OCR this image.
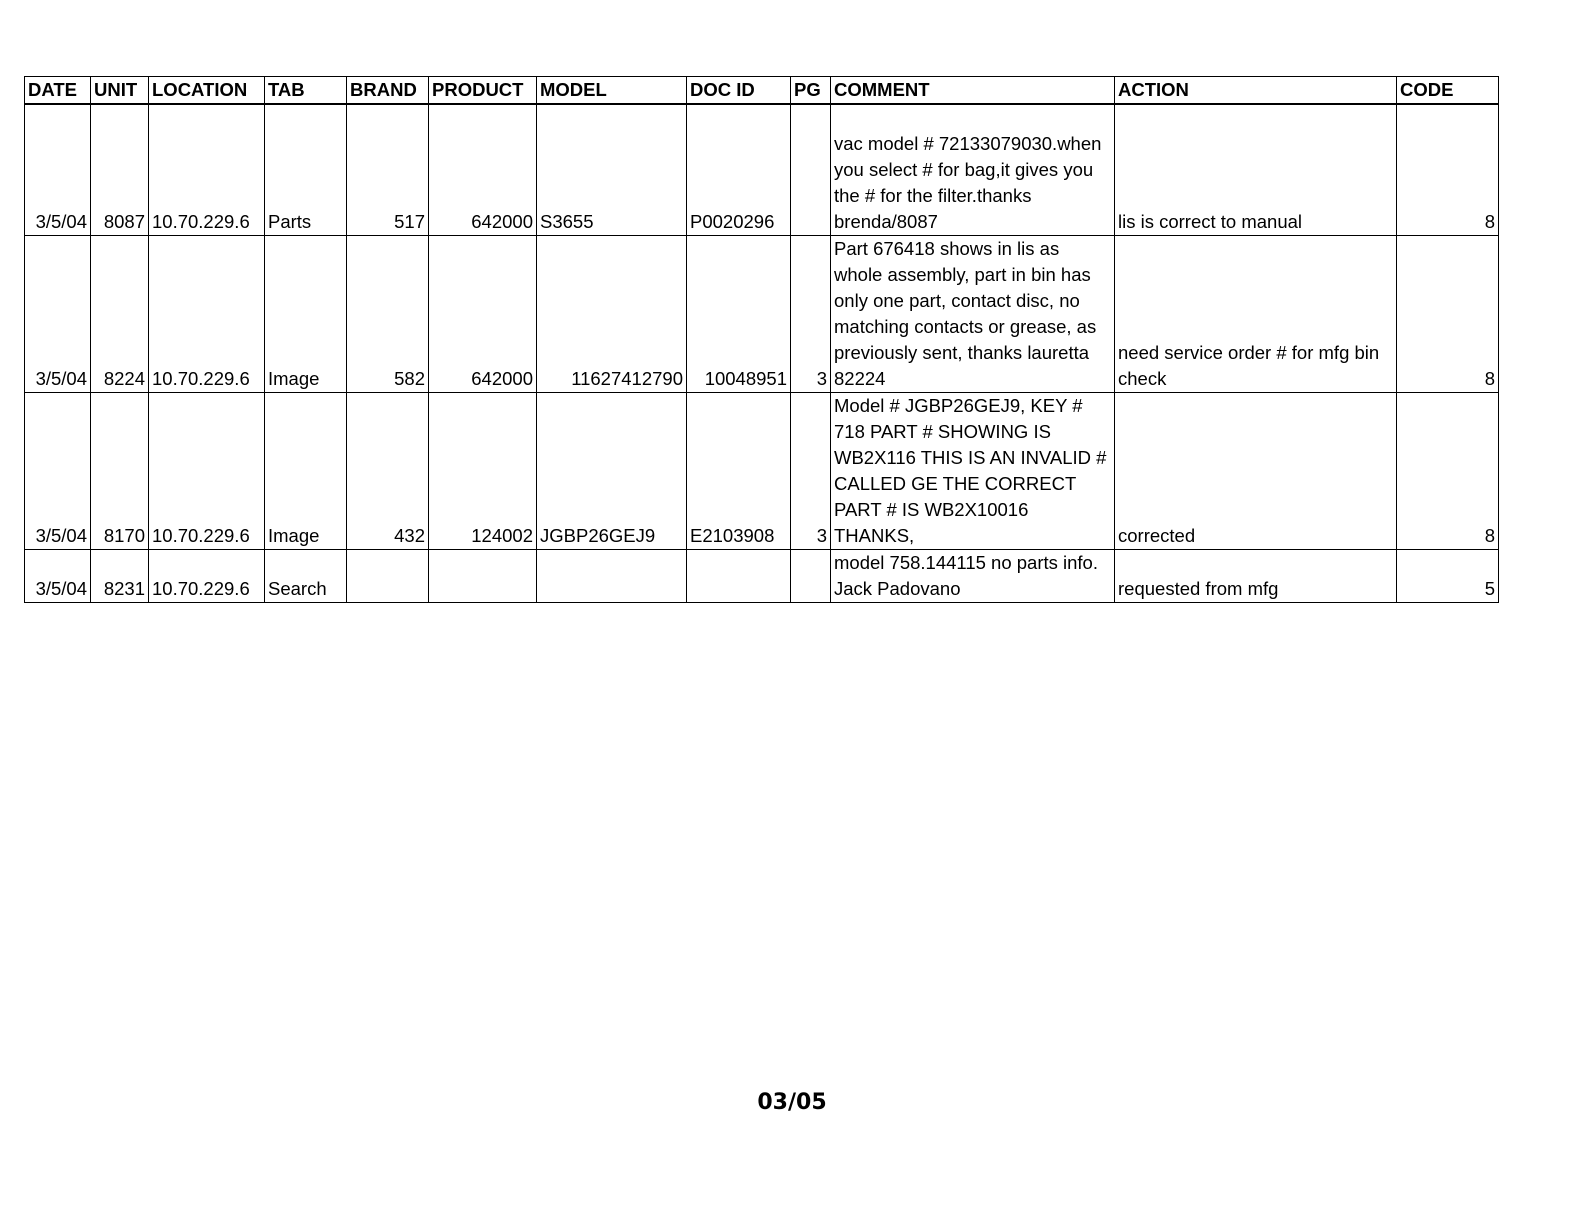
DATE	UNIT	LOCATION	TAB	BRAND	PRODUCT	MODEL	DOC ID	PG	COMMENT	ACTION	CODE
3/5/04	8087	10.70.229.6	Parts	517	642000	S3655	P0020296		vac model # 72133079030.when you select # for bag,it gives you the # for the filter.thanks brenda/8087	lis is correct to manual	8
3/5/04	8224	10.70.229.6	Image	582	642000	11627412790	10048951	3	Part 676418 shows in lis as whole assembly, part in bin has only one part, contact disc, no matching contacts or grease, as previously sent, thanks lauretta 82224	need service order # for mfg bin check	8
3/5/04	8170	10.70.229.6	Image	432	124002	JGBP26GEJ9	E2103908	3	Model # JGBP26GEJ9, KEY # 718 PART # SHOWING IS WB2X116 THIS IS AN INVALID # CALLED GE THE CORRECT PART # IS WB2X10016 THANKS,	corrected	8
3/5/04	8231	10.70.229.6	Search						model 758.144115 no parts info. Jack Padovano	requested from mfg	5
03/05
